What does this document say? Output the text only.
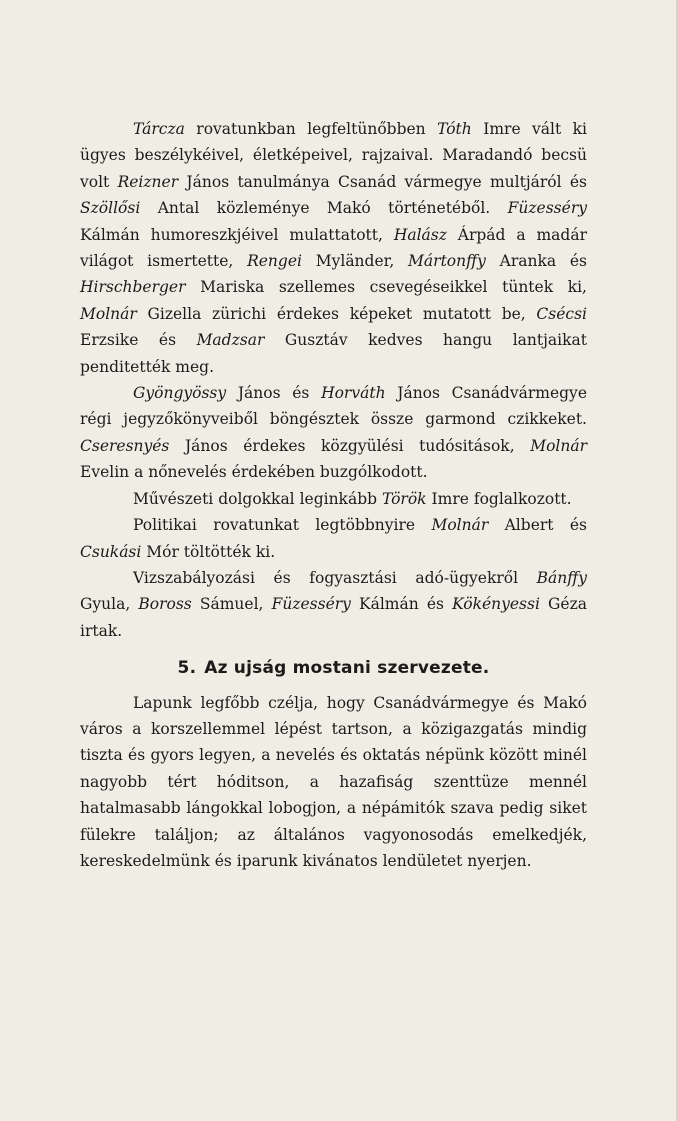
Tárcza rovatunkban legfeltünőbben Tóth Imre vált ki ügyes beszélykéivel, életképeivel, rajzaival. Maradandó becsü volt Reizner János tanulmánya Csanád vármegye multjáról és Szöllősi Antal közleménye Makó történetéből. Füzesséry Kálmán humoreszkjéivel mulattatott, Halász Árpád a madár világot ismertette, Rengei Myländer, Mártonffy Aranka és Hirschberger Mariska szellemes csevegéseikkel tüntek ki, Molnár Gizella zürichi érdekes képeket mutatott be, Csécsi Erzsike és Madzsar Gusztáv kedves hangu lantjaikat penditették meg.

Gyöngyössy János és Horváth János Csanádvármegye régi jegyzőkönyveiből böngésztek össze garmond czikkeket. Cseresnyés János érdekes közgyülési tudósitások, Molnár Evelin a nőnevelés érdekében buzgólkodott.

Művészeti dolgokkal leginkább Török Imre foglalkozott.

Politikai rovatunkat legtöbbnyire Molnár Albert és Csukási Mór töltötték ki.

Vizszabályozási és fogyasztási adó-ügyekről Bánffy Gyula, Boross Sámuel, Füzesséry Kálmán és Kökényessi Géza irtak.

5. Az ujság mostani szervezete.

Lapunk legfőbb czélja, hogy Csanádvármegye és Makó város a korszellemmel lépést tartson, a közigazgatás mindig tiszta és gyors legyen, a nevelés és oktatás népünk között minél nagyobb tért hóditson, a hazafiság szenttüze mennél hatalmasabb lángokkal lobogjon, a népámitók szava pedig siket fülekre találjon; az általános vagyonosodás emelkedjék, kereskedelmünk és iparunk kivánatos lendületet nyerjen.
